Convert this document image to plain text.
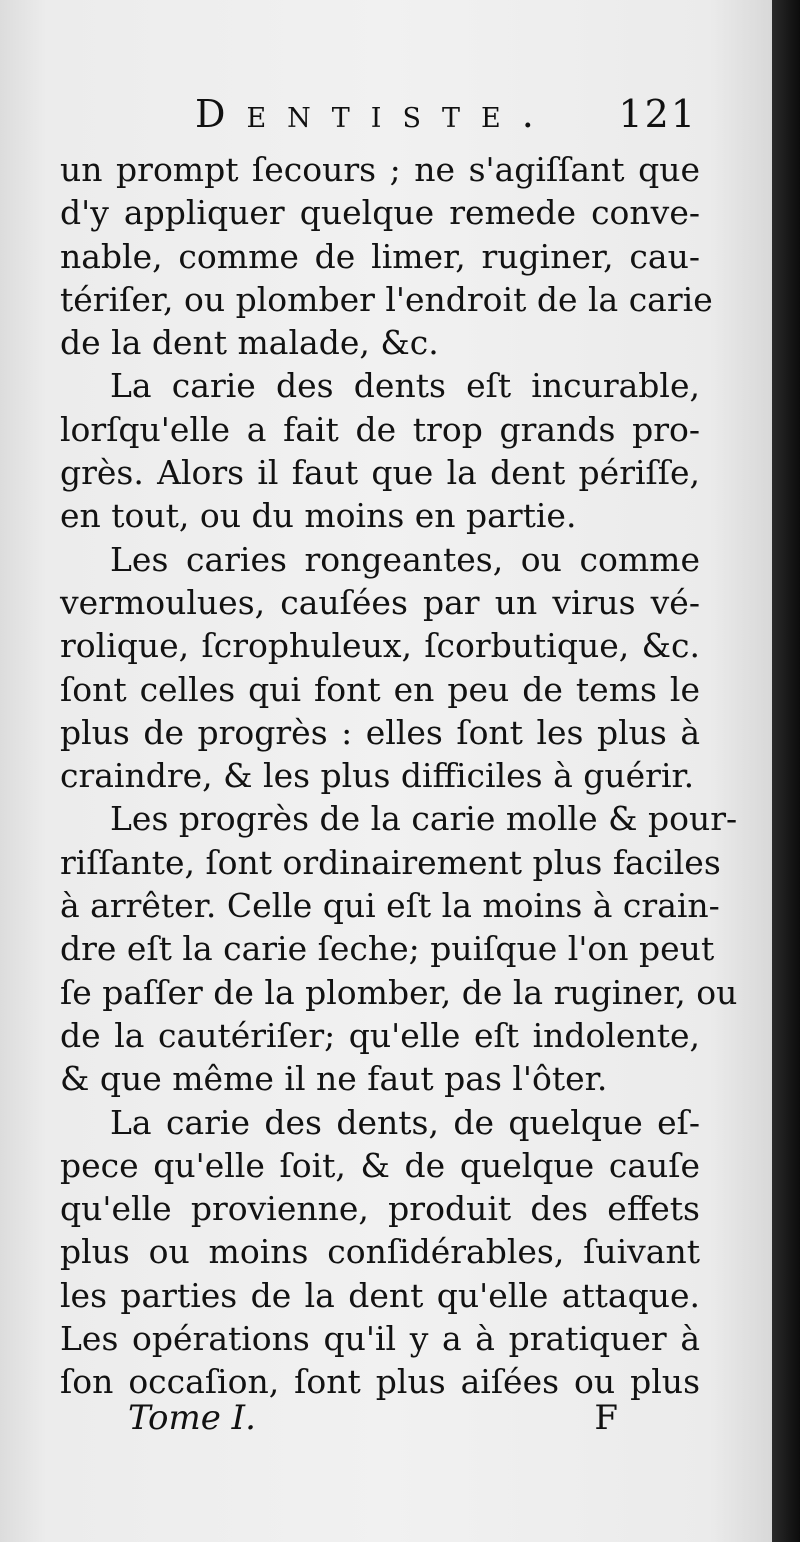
Dentiste. 121
un prompt ſecours ; ne s'agiſſant que
d'y appliquer quelque remede conve-
nable, comme de limer, ruginer, cau-
tériſer, ou plomber l'endroit de la carie
de la dent malade, &c.
La carie des dents eſt incurable,
lorſqu'elle a fait de trop grands pro-
grès. Alors il faut que la dent périſſe,
en tout, ou du moins en partie.
Les caries rongeantes, ou comme
vermoulues, cauſées par un virus vé-
rolique, ſcrophuleux, ſcorbutique, &c.
ſont celles qui font en peu de tems le
plus de progrès : elles ſont les plus à
craindre, & les plus difficiles à guérir.
Les progrès de la carie molle & pour-
riſſante, ſont ordinairement plus faciles
à arrêter. Celle qui eſt la moins à crain-
dre eſt la carie ſeche; puiſque l'on peut
ſe paſſer de la plomber, de la ruginer, ou
de la cautériſer; qu'elle eſt indolente,
& que même il ne faut pas l'ôter.
La carie des dents, de quelque eſ-
pece qu'elle ſoit, & de quelque cauſe
qu'elle provienne, produit des effets
plus ou moins conſidérables, ſuivant
les parties de la dent qu'elle attaque.
Les opérations qu'il y a à pratiquer à
ſon occaſion, ſont plus aiſées ou plus
Tome I.	F
